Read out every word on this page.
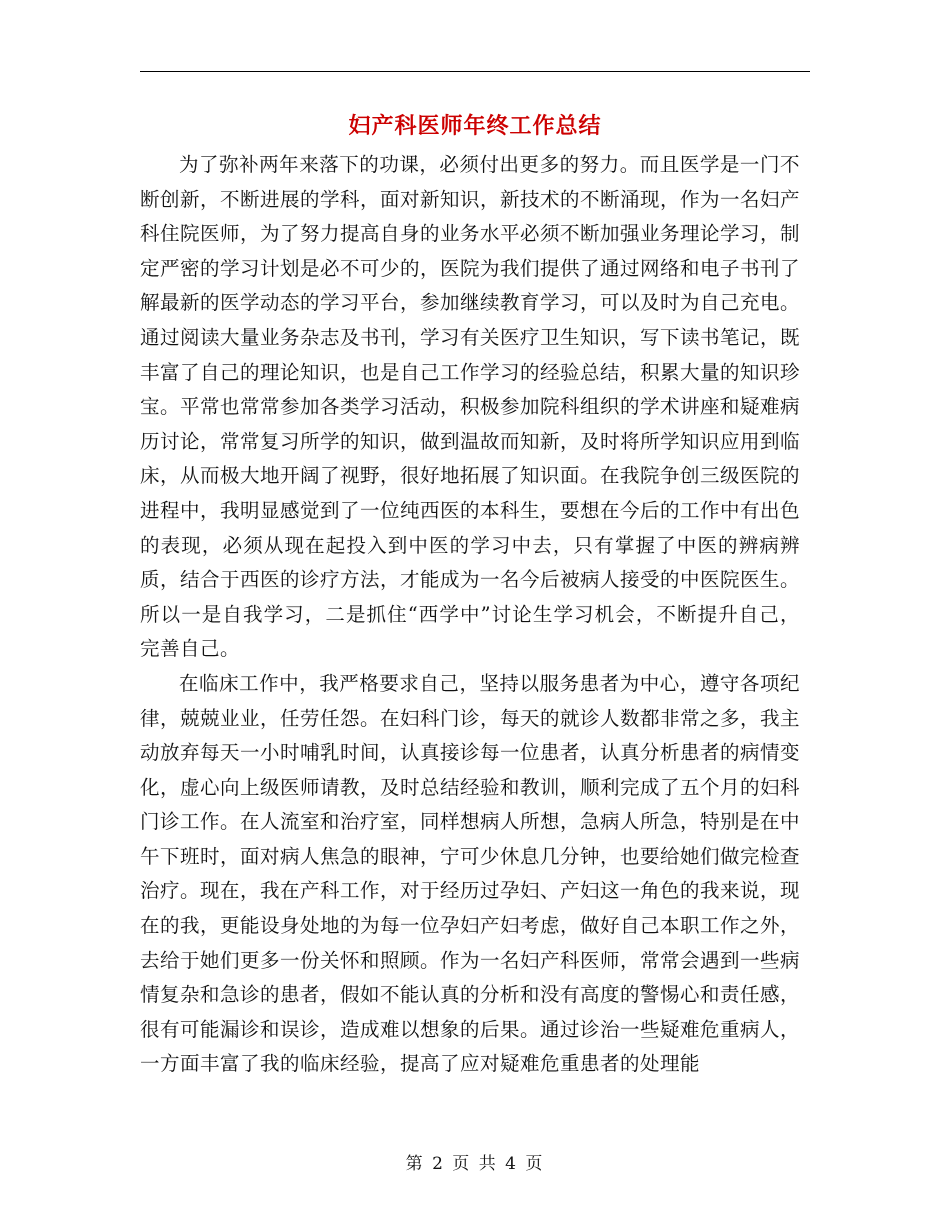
妇产科医师年终工作总结

为了弥补两年来落下的功课，必须付出更多的努力。而且医学是一门不断创新，不断进展的学科，面对新知识，新技术的不断涌现，作为一名妇产科住院医师，为了努力提高自身的业务水平必须不断加强业务理论学习，制定严密的学习计划是必不可少的，医院为我们提供了通过网络和电子书刊了解最新的医学动态的学习平台，参加继续教育学习，可以及时为自己充电。通过阅读大量业务杂志及书刊，学习有关医疗卫生知识，写下读书笔记，既丰富了自己的理论知识，也是自己工作学习的经验总结，积累大量的知识珍宝。平常也常常参加各类学习活动，积极参加院科组织的学术讲座和疑难病历讨论，常常复习所学的知识，做到温故而知新，及时将所学知识应用到临床，从而极大地开阔了视野，很好地拓展了知识面。在我院争创三级医院的进程中，我明显感觉到了一位纯西医的本科生，要想在今后的工作中有出色的表现，必须从现在起投入到中医的学习中去，只有掌握了中医的辨病辨质，结合于西医的诊疗方法，才能成为一名今后被病人接受的中医院医生。所以一是自我学习，二是抓住“西学中”讨论生学习机会，不断提升自己，完善自己。

在临床工作中，我严格要求自己，坚持以服务患者为中心，遵守各项纪律，兢兢业业，任劳任怨。在妇科门诊，每天的就诊人数都非常之多，我主动放弃每天一小时哺乳时间，认真接诊每一位患者，认真分析患者的病情变化，虚心向上级医师请教，及时总结经验和教训，顺利完成了五个月的妇科门诊工作。在人流室和治疗室，同样想病人所想，急病人所急，特别是在中午下班时，面对病人焦急的眼神，宁可少休息几分钟，也要给她们做完检查治疗。现在，我在产科工作，对于经历过孕妇、产妇这一角色的我来说，现在的我，更能设身处地的为每一位孕妇产妇考虑，做好自己本职工作之外，去给于她们更多一份关怀和照顾。作为一名妇产科医师，常常会遇到一些病情复杂和急诊的患者，假如不能认真的分析和没有高度的警惕心和责任感，很有可能漏诊和误诊，造成难以想象的后果。通过诊治一些疑难危重病人，一方面丰富了我的临床经验，提高了应对疑难危重患者的处理能

第 2 页 共 4 页
